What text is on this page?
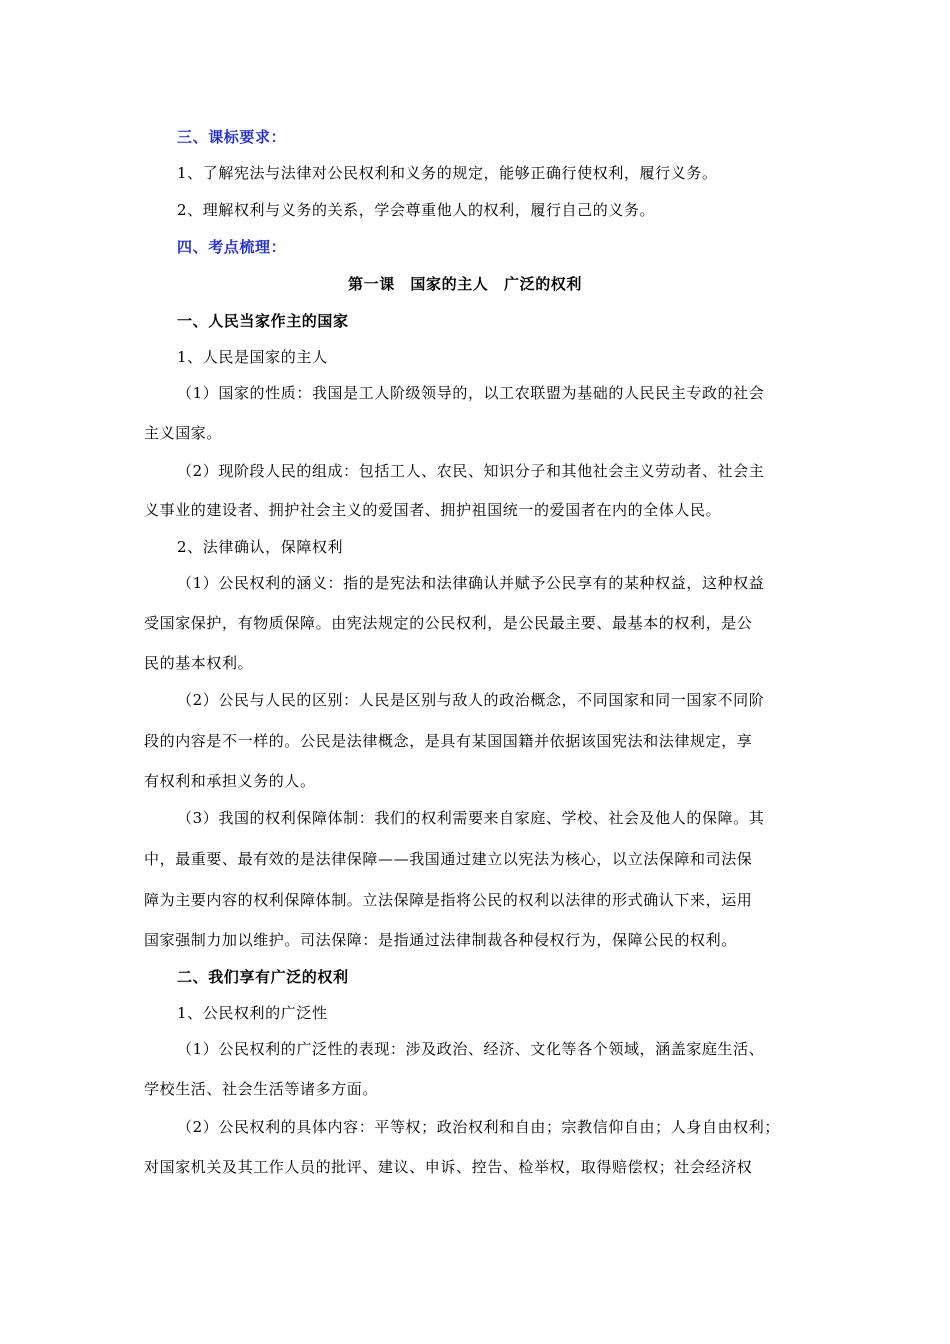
三、课标要求：
1、了解宪法与法律对公民权利和义务的规定，能够正确行使权利，履行义务。
2、理解权利与义务的关系，学会尊重他人的权利，履行自己的义务。
四、考点梳理：
第一课　国家的主人　广泛的权利
一、人民当家作主的国家
1、人民是国家的主人
（1）国家的性质：我国是工人阶级领导的，以工农联盟为基础的人民民主专政的社会
主义国家。
（2）现阶段人民的组成：包括工人、农民、知识分子和其他社会主义劳动者、社会主
义事业的建设者、拥护社会主义的爱国者、拥护祖国统一的爱国者在内的全体人民。
2、法律确认，保障权利
（1）公民权利的涵义：指的是宪法和法律确认并赋予公民享有的某种权益，这种权益
受国家保护，有物质保障。由宪法规定的公民权利，是公民最主要、最基本的权利，是公
民的基本权利。
（2）公民与人民的区别：人民是区别与敌人的政治概念，不同国家和同一国家不同阶
段的内容是不一样的。公民是法律概念，是具有某国国籍并依据该国宪法和法律规定，享
有权利和承担义务的人。
（3）我国的权利保障体制：我们的权利需要来自家庭、学校、社会及他人的保障。其
中，最重要、最有效的是法律保障——我国通过建立以宪法为核心，以立法保障和司法保
障为主要内容的权利保障体制。立法保障是指将公民的权利以法律的形式确认下来，运用
国家强制力加以维护。司法保障：是指通过法律制裁各种侵权行为，保障公民的权利。
二、我们享有广泛的权利
1、公民权利的广泛性
（1）公民权利的广泛性的表现：涉及政治、经济、文化等各个领域，涵盖家庭生活、
学校生活、社会生活等诸多方面。
（2）公民权利的具体内容：平等权；政治权利和自由；宗教信仰自由；人身自由权利；
对国家机关及其工作人员的批评、建议、申诉、控告、检举权，取得赔偿权；社会经济权
